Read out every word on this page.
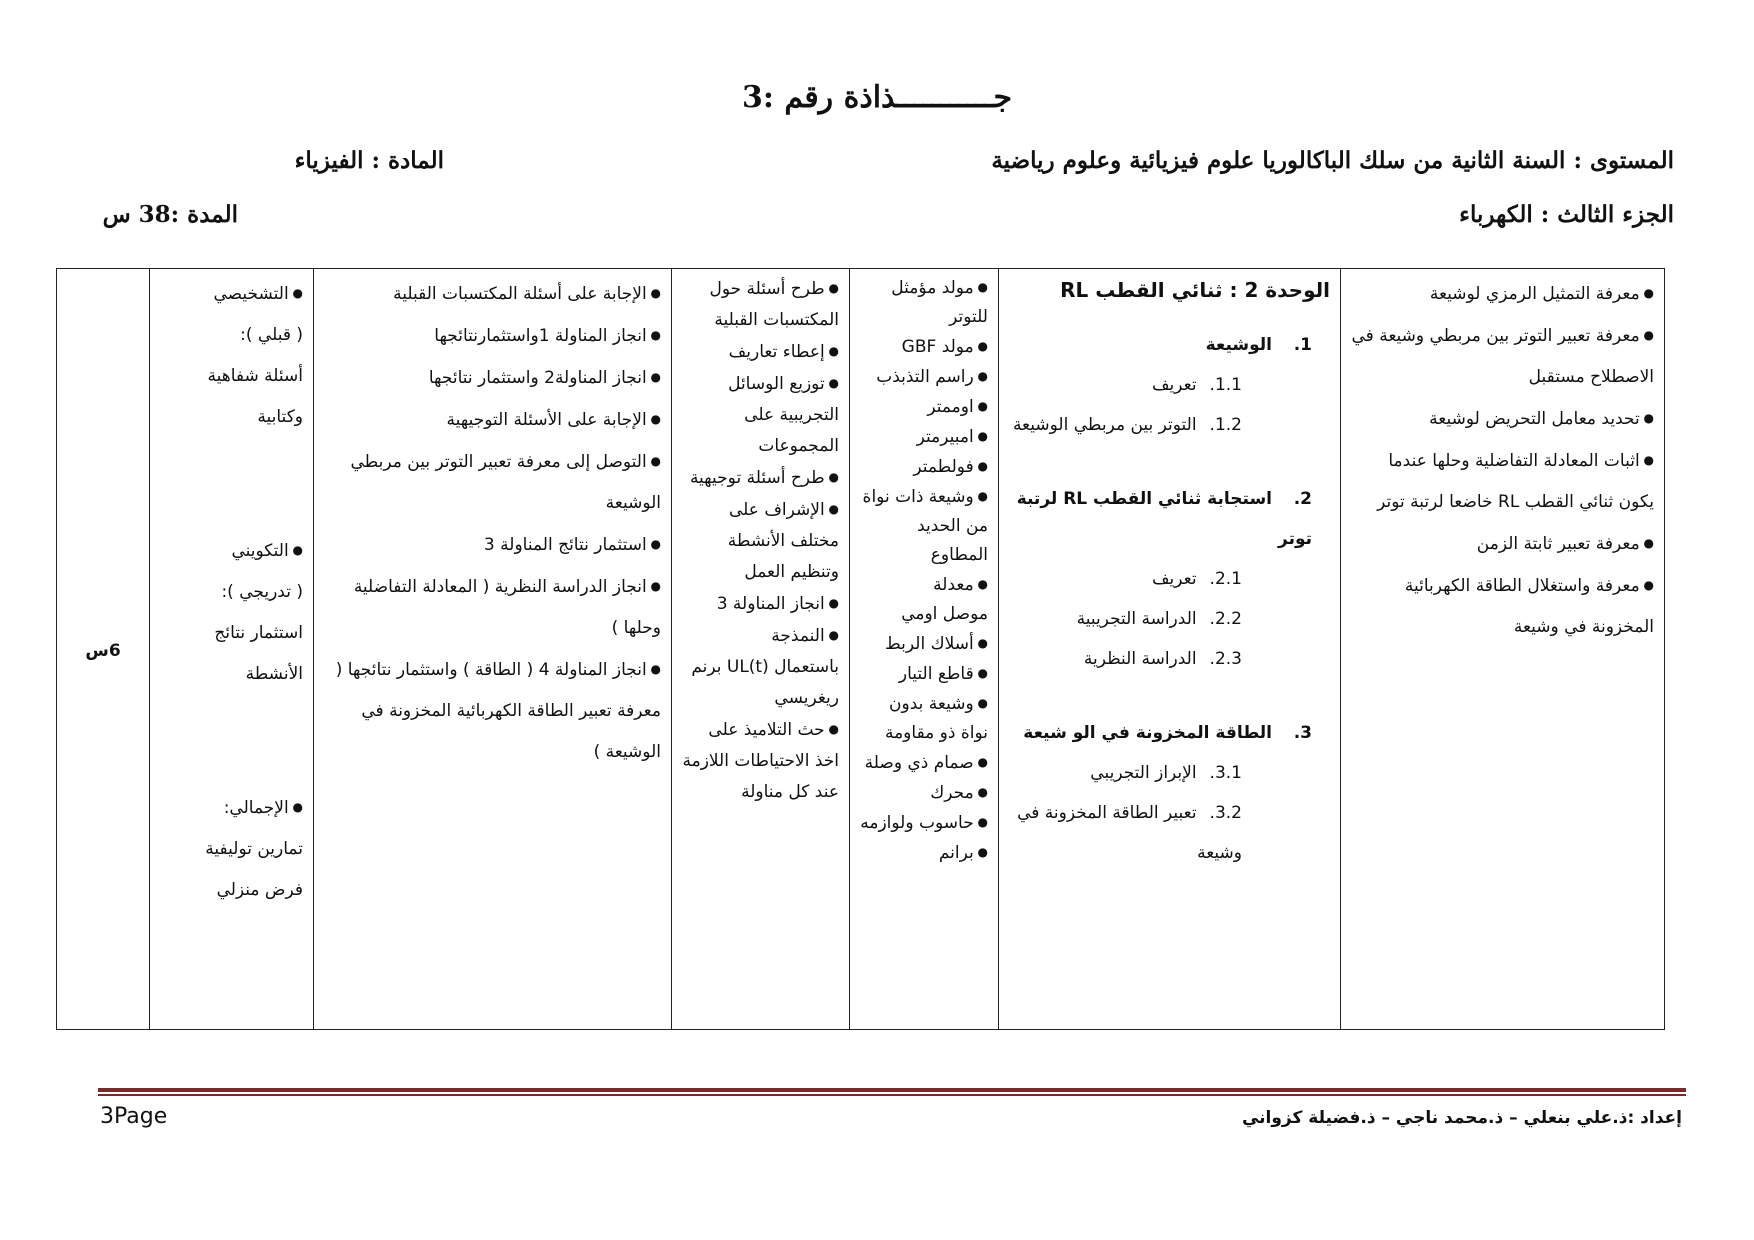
جـــــــــــذاذة رقم :3
المستوى : السنة الثانية من سلك الباكالوريا علوم فيزيائية وعلوم رياضية
المادة : الفيزياء
الجزء الثالث : الكهرباء
المدة :38 س
● معرفة التمثيل الرمزي لوشيعة
● معرفة تعبير التوتر بين مربطي وشيعة في الاصطلاح مستقبل
● تحديد معامل التحريض لوشيعة
● اثبات المعادلة التفاضلية وحلها عندما يكون ثنائي القطب RL خاضعا لرتبة توتر
● معرفة تعبير ثابتة الزمن
● معرفة واستغلال الطاقة الكهربائية المخزونة في وشيعة

الوحدة 2 : ثنائي القطب RL
1.الوشيعة
1.1. تعريف
1.2. التوتر بين مربطي الوشيعة
2.استجابة ثنائي القطب RL لرتبة توتر
2.1. تعريف
2.2. الدراسة التجريبية
2.3. الدراسة النظرية
3.الطاقة المخزونة في الو شيعة
3.1. الإبراز التجريبي
3.2. تعبير الطاقة المخزونة في وشيعة

● مولد مؤمثل للتوتر
● مولد GBF
● راسم التذبذب
● اوممتر
● امبيرمتر
● فولطمتر
● وشيعة ذات نواة من الحديد المطاوع
● معدلة
موصل اومي
● أسلاك الربط
● قاطع التيار
● وشيعة بدون نواة ذو مقاومة
● صمام ذي وصلة
● محرك
● حاسوب ولوازمه
● برانم

● طرح أسئلة حول المكتسبات القبلية
● إعطاء تعاريف
● توزيع الوسائل التجريبية على المجموعات
● طرح أسئلة توجيهية
● الإشراف على مختلف الأنشطة وتنظيم العمل
● انجاز المناولة 3
● النمذجة
باستعمال UL(t) برنم ريغريسي
● حث التلاميذ على اخذ الاحتياطات اللازمة عند كل مناولة

● الإجابة على أسئلة المكتسبات القبلية
● انجاز المناولة 1واستثمارنتائجها
● انجاز المناولة2 واستثمار نتائجها
● الإجابة على الأسئلة التوجيهية
● التوصل إلى معرفة تعبير التوتر بين مربطي الوشيعة
● استثمار نتائج المناولة 3
● انجاز الدراسة النظرية ( المعادلة التفاضلية وحلها )
● انجاز المناولة 4 ( الطاقة ) واستثمار نتائجها ( معرفة تعبير الطاقة الكهربائية المخزونة في الوشيعة )

● التشخيصي
( قبلي ):
أسئلة شفاهية وكتابية
● التكويني
( تدريجي ):
استثمار نتائج الأنشطة
● الإجمالي:
تمارين توليفية
فرض منزلي
	6س
3Page	إعداد :ذ.علي بنعلي – ذ.محمد ناجي – ذ.فضيلة كزواني
